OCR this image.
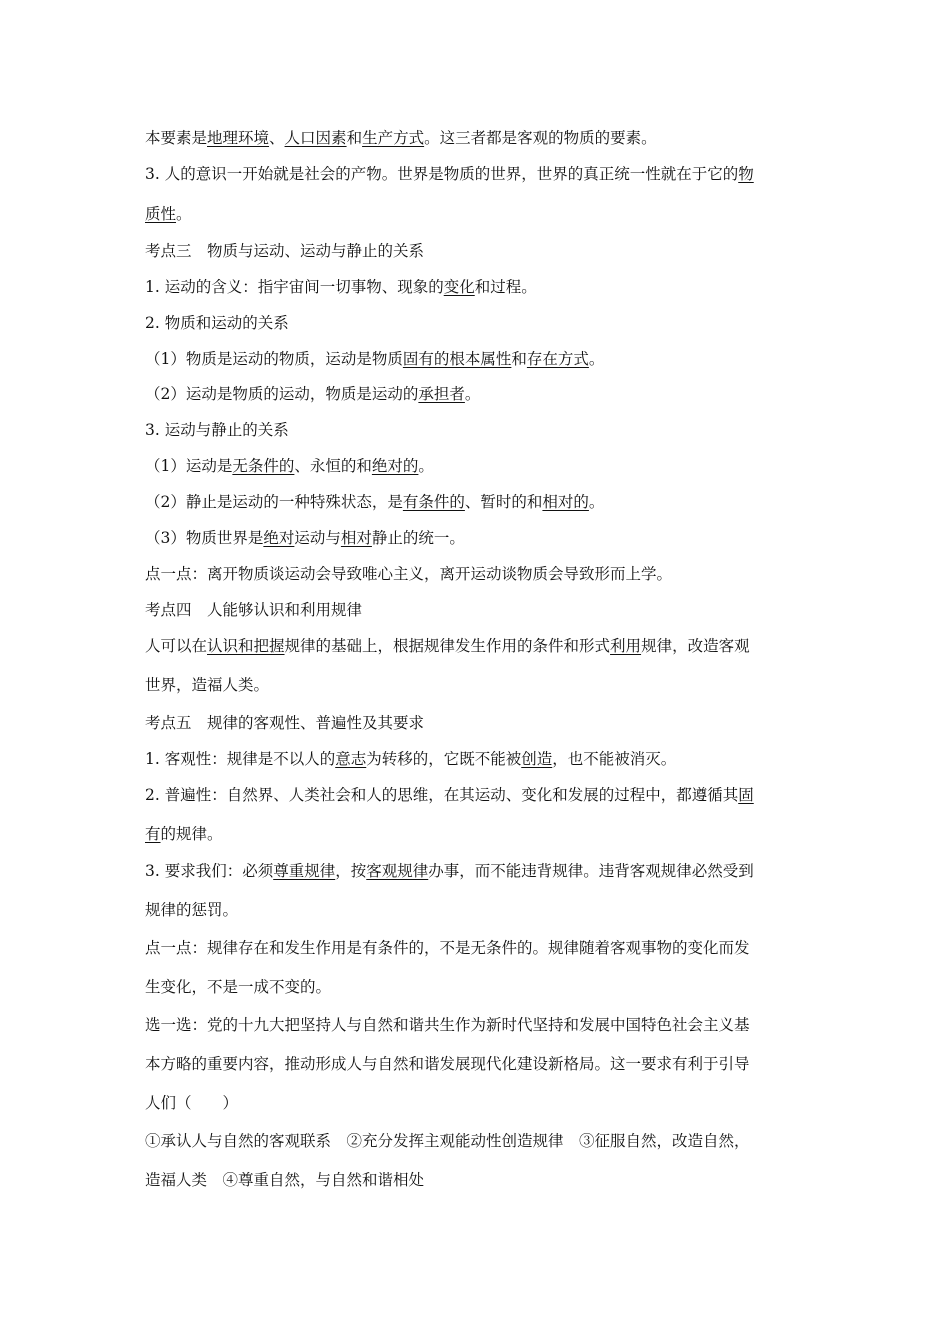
本要素是地理环境、人口因素和生产方式。这三者都是客观的物质的要素。
3. 人的意识一开始就是社会的产物。世界是物质的世界，世界的真正统一性就在于它的物
质性。
考点三　物质与运动、运动与静止的关系
1. 运动的含义：指宇宙间一切事物、现象的变化和过程。
2. 物质和运动的关系
（1）物质是运动的物质，运动是物质固有的根本属性和存在方式。
（2）运动是物质的运动，物质是运动的承担者。
3. 运动与静止的关系
（1）运动是无条件的、永恒的和绝对的。
（2）静止是运动的一种特殊状态，是有条件的、暂时的和相对的。
（3）物质世界是绝对运动与相对静止的统一。
点一点：离开物质谈运动会导致唯心主义，离开运动谈物质会导致形而上学。
考点四　人能够认识和利用规律
人可以在认识和把握规律的基础上，根据规律发生作用的条件和形式利用规律，改造客观
世界，造福人类。
考点五　规律的客观性、普遍性及其要求
1. 客观性：规律是不以人的意志为转移的，它既不能被创造，也不能被消灭。
2. 普遍性：自然界、人类社会和人的思维，在其运动、变化和发展的过程中，都遵循其固
有的规律。
3. 要求我们：必须尊重规律，按客观规律办事，而不能违背规律。违背客观规律必然受到
规律的惩罚。
点一点：规律存在和发生作用是有条件的，不是无条件的。规律随着客观事物的变化而发
生变化，不是一成不变的。
选一选：党的十九大把坚持人与自然和谐共生作为新时代坚持和发展中国特色社会主义基
本方略的重要内容，推动形成人与自然和谐发展现代化建设新格局。这一要求有利于引导
人们（　　）
①承认人与自然的客观联系　②充分发挥主观能动性创造规律　③征服自然，改造自然，
造福人类　④尊重自然，与自然和谐相处
